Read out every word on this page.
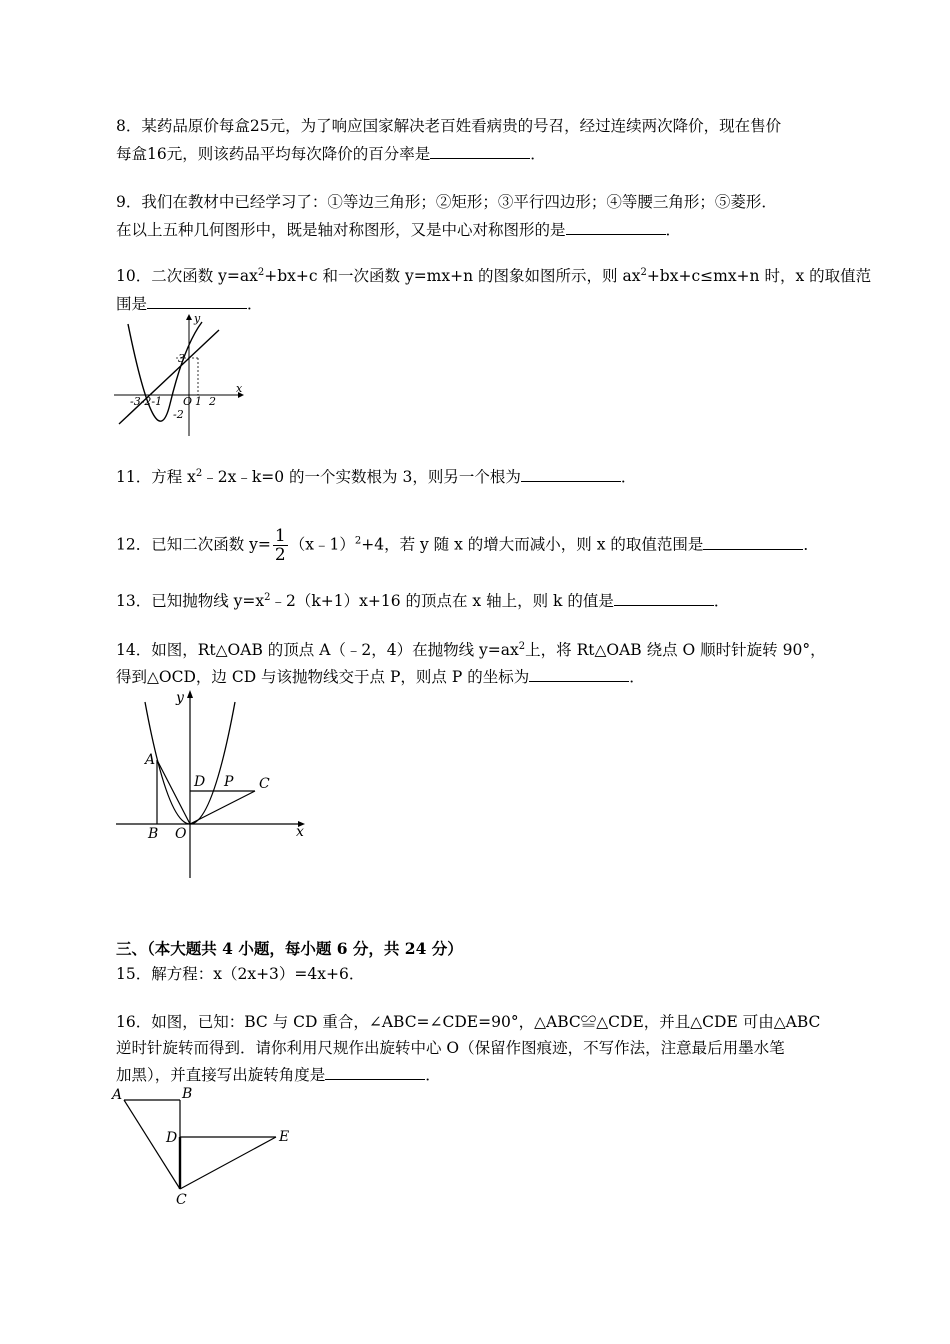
8．某药品原价每盒25元，为了响应国家解决老百姓看病贵的号召，经过连续两次降价，现在售价
每盒16元，则该药品平均每次降价的百分率是	．
9．我们在教材中已经学习了：①等边三角形；②矩形；③平行四边形；④等腰三角形；⑤菱形．
在以上五种几何图形中，既是轴对称图形，又是中心对称图形的是	．
10．二次函数 $y=ax^2+bx+c$ 和一次函数 y=mx+n 的图象如图所示，则 $ax^2+bx+c\le mx+n$ 时，x 的取值范
围是	．
y
x
3
-2
-3-2-1 O 1 2
11．方程 $x^2﹣2x﹣k=0$ 的一个实数根为 3，则另一个根为	．
12．已知二次函数 $y= \frac{1}{2}$ （x﹣1）$^2$+4，若 y 随 x 的增大而减小，则 x 的取值范围是	．
13．已知抛物线 $y=x^2﹣2(k+1)x+16$ 的顶点在 x 轴上，则 k 的值是	．
14．如图，Rt△OAB 的顶点 A（﹣2，4）在抛物线 $y=ax^2$上，将 Rt△OAB 绕点 O 顺时针旋转 90°，
得到△OCD，边 CD 与该抛物线交于点 P，则点 P 的坐标为	．
y
x
A
B O
D P C
三、（本大题共 4 小题，每小题 6 分，共 24 分）
15．解方程：x（2x+3）=4x+6．
16．如图，已知：BC 与 CD 重合，∠ABC=∠CDE=90°，△ABC≌△CDE，并且△CDE 可由△ABC
逆时针旋转而得到．请你利用尺规作出旋转中心 O（保留作图痕迹，不写作法，注意最后用墨水笔
加黑），并直接写出旋转角度是	．
A	B
D	E
C
